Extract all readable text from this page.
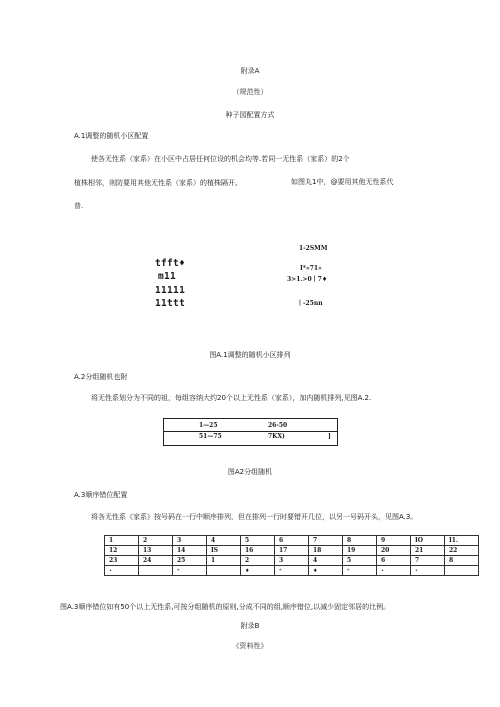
附录A
（规范性）
种子园配置方式
A.1调整的随机小区配置
使各无性系（家系）在小区中占居任何位设的机会均等.若同一无性系（家系）的2个
植株相邻，则防要用其他无性系（家系）的植株隔开,	如图丸1中，@要用其他无性系代
普.
tfft♦
m11
11111
11ttt
1-2SMM
I*«71»
3>1.>0丨7♦
丨-25nn
图A.1调整的随机小区排列
A.2分组随机也附
将无性系划分为不同的祖，每组容纳大约20个以上无性系（家系），加内随机排列,见图A.2.
1—25	26-50
51—75	7KX)	]
图A2分组随机
A.3顺序错位配置
将各无性系《家系》按号码在一行中顺序排列，但在排列一行时要错开几位，以另一号码开头，见图A.3。
1	2	3	4	5	6	7	8	9	IO	I1.
12	13	14	IS	16	17	18	19	20	21	22
23	24	25	1	2	3	4	5	6	7	8
•		*		♦	*	♦	*	•	•	
图A.3顺序错位如有50个以上无性系,可按分组随机的原则,分成不同的组,顺序错位,以减少固定邻居的比例。
附录B
《资料性》
